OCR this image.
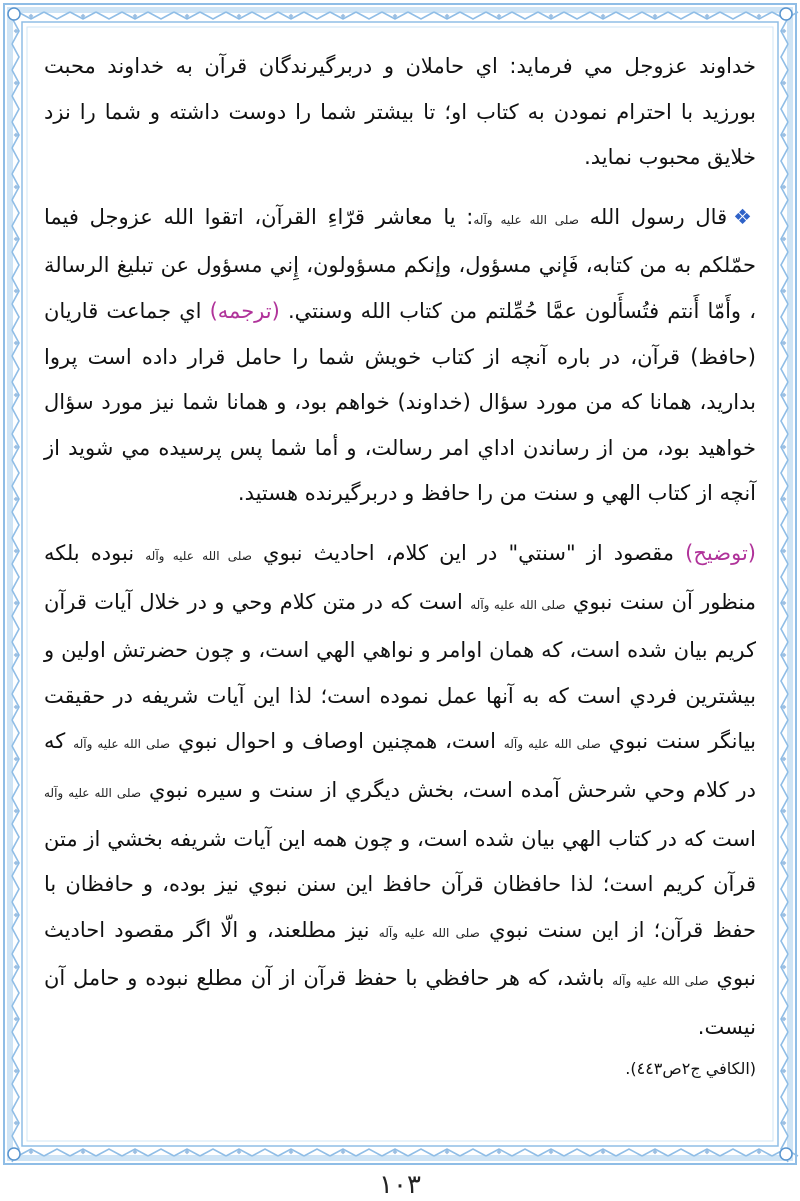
خداوند عزوجل مي فرمايد: اي حاملان و دربرگيرندگان قرآن به خداوند محبت بورزيد با احترام نمودن به کتاب او؛ تا بيشتر شما را دوست داشته و شما را نزد خلايق محبوب نمايد.

❖قال رسول الله صلى الله عليه وآله: يا معاشر قرّاءِ القرآن، اتقوا الله عزوجل فيما حمّلکم به من کتابه، فَإني مسؤول، وإنکم مسؤولون، إِني مسؤول عن تبليغ الرسالة ، وأَمّا أَنتم فتُسأَلون عمَّا حُمِّلتم من کتاب الله وسنتي. (ترجمه) اي جماعت قاريان (حافظ) قرآن، در باره آنچه از کتاب خويش شما را حامل قرار داده است پروا بداريد، همانا که من مورد سؤال (خداوند) خواهم بود، و همانا شما نيز مورد سؤال خواهيد بود، من از رساندن اداي امر رسالت، و أما شما پس پرسيده مي شويد از آنچه از کتاب الهي و سنت من را حافظ و دربرگيرنده هستيد.

(توضيح) مقصود از "سنتي" در اين کلام، احاديث نبوي صلى الله عليه وآله نبوده بلکه منظور آن سنت نبوي صلى الله عليه وآله است که در متن کلام وحي و در خلال آيات قرآن کريم بيان شده است، که همان اوامر و نواهي الهي است، و چون حضرتش اولين و بيشترين فردي است که به آنها عمل نموده است؛ لذا اين آيات شريفه در حقيقت بيانگر سنت نبوي صلى الله عليه وآله است، همچنين اوصاف و احوال نبوي صلى الله عليه وآله که در کلام وحي شرحش آمده است، بخش ديگري از سنت و سيره نبوي صلى الله عليه وآله است که در کتاب الهي بيان شده است، و چون همه اين آيات شريفه بخشي از متن قرآن کريم است؛ لذا حافظان قرآن حافظ اين سنن نبوي نيز بوده، و حافظان با حفظ قرآن؛ از اين سنت نبوي صلى الله عليه وآله نيز مطلعند، و الّا اگر مقصود احاديث نبوي صلى الله عليه وآله باشد، که هر حافظي با حفظ قرآن از آن مطلع نبوده و حامل آن نيست.
(الکافي ج٢ص٤٤٣).

١٠٣
